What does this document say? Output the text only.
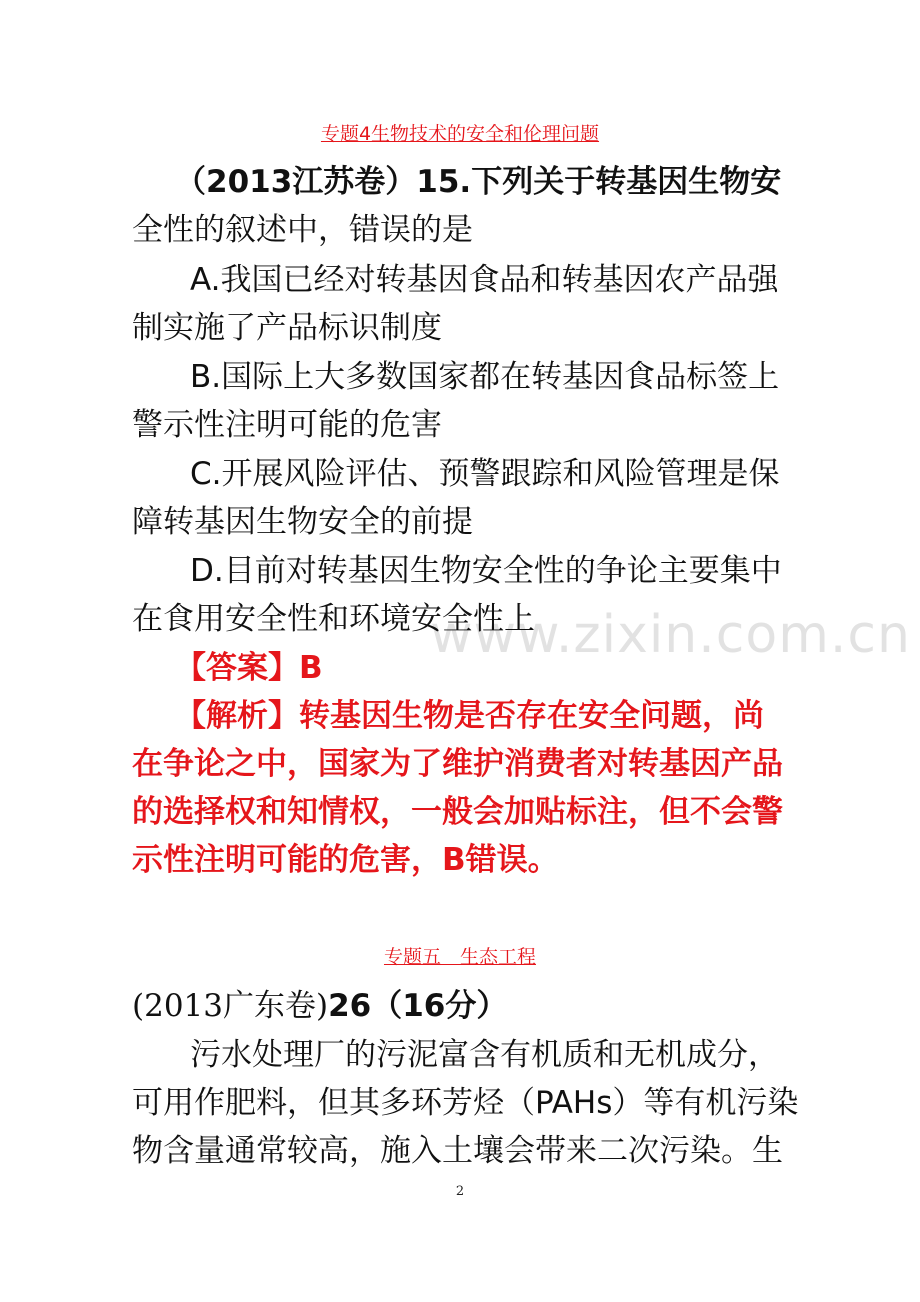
www.zixin.com.cn
专题4生物技术的安全和伦理问题
（2013江苏卷）15.下列关于转基因生物安
全性的叙述中，错误的是
A.我国已经对转基因食品和转基因农产品强
制实施了产品标识制度
B.国际上大多数国家都在转基因食品标签上
警示性注明可能的危害
C.开展风险评估、预警跟踪和风险管理是保
障转基因生物安全的前提
D.目前对转基因生物安全性的争论主要集中
在食用安全性和环境安全性上
【答案】B
【解析】转基因生物是否存在安全问题，尚
在争论之中，国家为了维护消费者对转基因产品
的选择权和知情权，一般会加贴标注，但不会警
示性注明可能的危害，B错误。
专题五　生态工程
(2013广东卷)26（16分）
污水处理厂的污泥富含有机质和无机成分，
可用作肥料，但其多环芳烃（PAHs）等有机污染
物含量通常较高，施入土壤会带来二次污染。生
2
